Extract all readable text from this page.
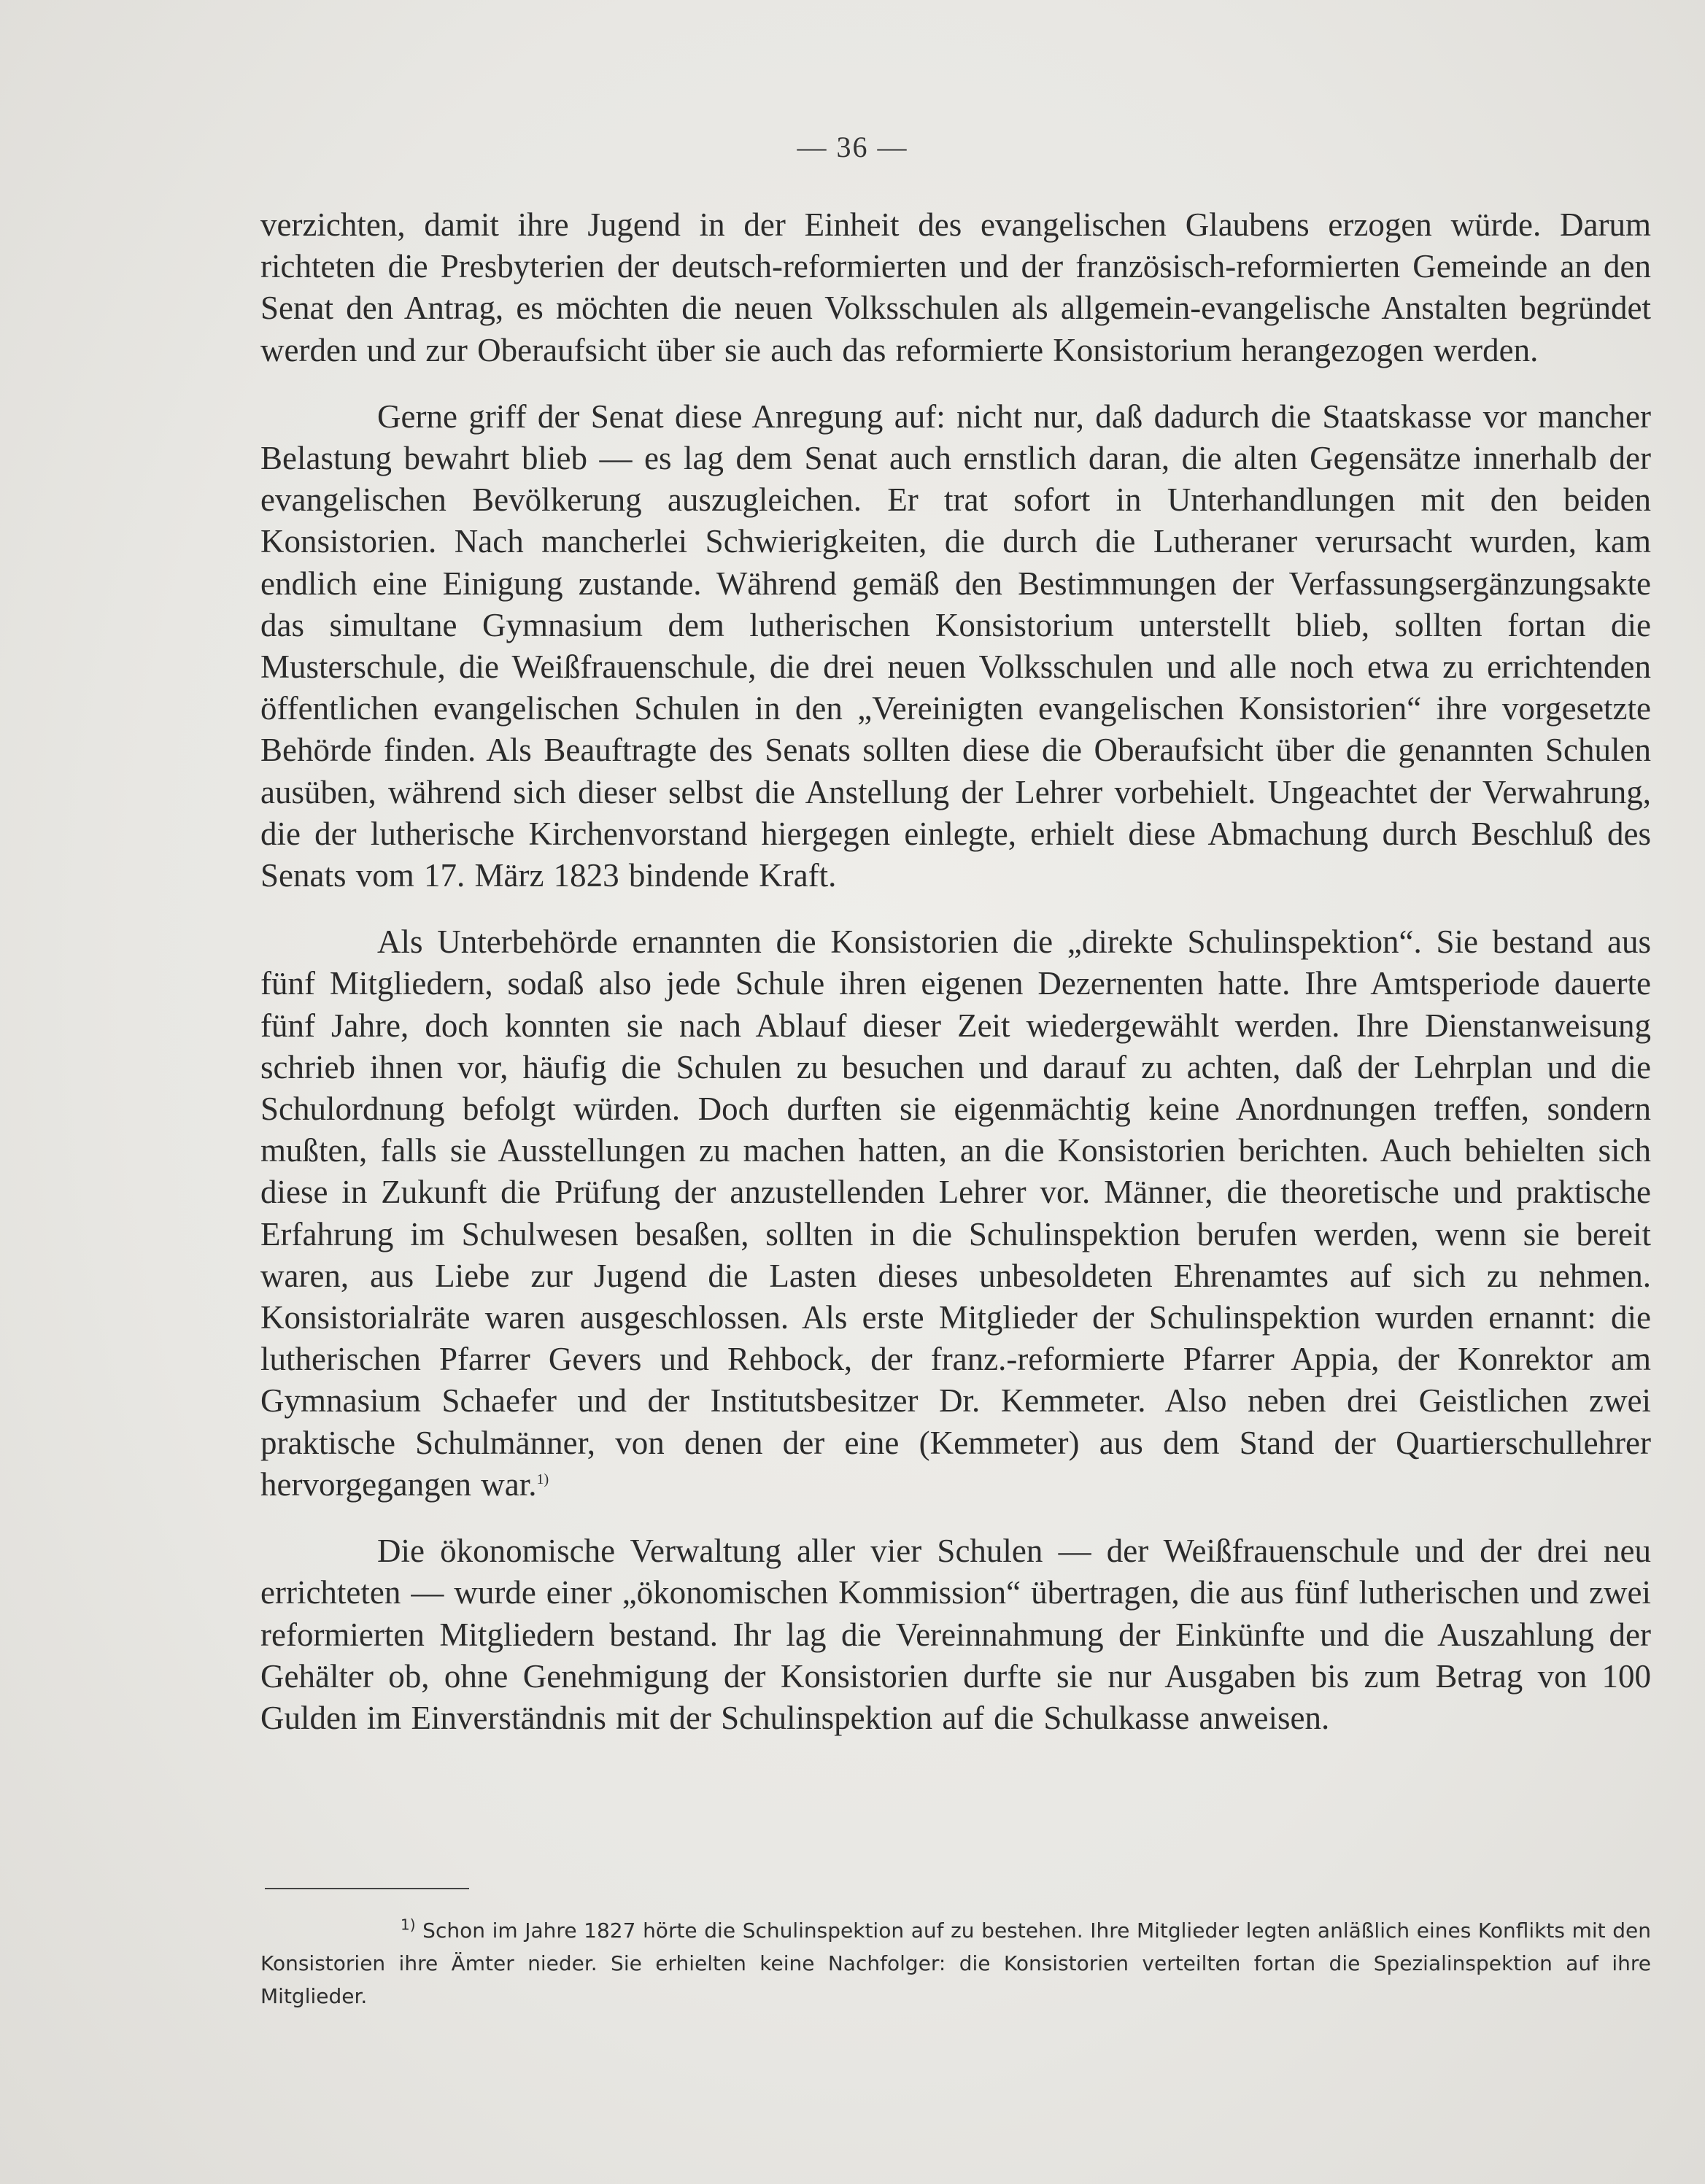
— 36 —

verzichten, damit ihre Jugend in der Einheit des evangelischen Glaubens erzogen würde. Darum richteten die Presbyterien der deutsch-reformierten und der französisch-reformierten Gemeinde an den Senat den Antrag, es möchten die neuen Volksschulen als allgemein-evangelische Anstalten begründet werden und zur Oberaufsicht über sie auch das reformierte Konsistorium herangezogen werden.

Gerne griff der Senat diese Anregung auf: nicht nur, daß dadurch die Staatskasse vor mancher Belastung bewahrt blieb — es lag dem Senat auch ernstlich daran, die alten Gegensätze innerhalb der evangelischen Bevölkerung auszugleichen. Er trat sofort in Unterhandlungen mit den beiden Konsistorien. Nach mancherlei Schwierigkeiten, die durch die Lutheraner verursacht wurden, kam endlich eine Einigung zustande. Während gemäß den Bestimmungen der Verfassungsergänzungsakte das simultane Gymnasium dem lutherischen Konsistorium unterstellt blieb, sollten fortan die Musterschule, die Weißfrauenschule, die drei neuen Volksschulen und alle noch etwa zu errichtenden öffentlichen evangelischen Schulen in den „Vereinigten evangelischen Konsistorien“ ihre vorgesetzte Behörde finden. Als Beauftragte des Senats sollten diese die Oberaufsicht über die genannten Schulen ausüben, während sich dieser selbst die Anstellung der Lehrer vorbehielt. Ungeachtet der Verwahrung, die der lutherische Kirchenvorstand hiergegen einlegte, erhielt diese Abmachung durch Beschluß des Senats vom 17. März 1823 bindende Kraft.

Als Unterbehörde ernannten die Konsistorien die „direkte Schulinspektion“. Sie bestand aus fünf Mitgliedern, sodaß also jede Schule ihren eigenen Dezernenten hatte. Ihre Amtsperiode dauerte fünf Jahre, doch konnten sie nach Ablauf dieser Zeit wiedergewählt werden. Ihre Dienstanweisung schrieb ihnen vor, häufig die Schulen zu besuchen und darauf zu achten, daß der Lehrplan und die Schulordnung befolgt würden. Doch durften sie eigenmächtig keine Anordnungen treffen, sondern mußten, falls sie Ausstellungen zu machen hatten, an die Konsistorien berichten. Auch behielten sich diese in Zukunft die Prüfung der anzustellenden Lehrer vor. Männer, die theoretische und praktische Erfahrung im Schulwesen besaßen, sollten in die Schulinspektion berufen werden, wenn sie bereit waren, aus Liebe zur Jugend die Lasten dieses unbesoldeten Ehrenamtes auf sich zu nehmen. Konsistorialräte waren ausgeschlossen. Als erste Mitglieder der Schulinspektion wurden ernannt: die lutherischen Pfarrer Gevers und Rehbock, der franz.-reformierte Pfarrer Appia, der Konrektor am Gymnasium Schaefer und der Institutsbesitzer Dr. Kemmeter. Also neben drei Geistlichen zwei praktische Schulmänner, von denen der eine (Kemmeter) aus dem Stand der Quartierschullehrer hervorgegangen war.$^{1)}$

Die ökonomische Verwaltung aller vier Schulen — der Weißfrauenschule und der drei neu errichteten — wurde einer „ökonomischen Kommission“ übertragen, die aus fünf lutherischen und zwei reformierten Mitgliedern bestand. Ihr lag die Vereinnahmung der Einkünfte und die Auszahlung der Gehälter ob, ohne Genehmigung der Konsistorien durfte sie nur Ausgaben bis zum Betrag von 100 Gulden im Einverständnis mit der Schulinspektion auf die Schulkasse anweisen.

$^{1)}$ Schon im Jahre 1827 hörte die Schulinspektion auf zu bestehen. Ihre Mitglieder legten anläßlich eines Konflikts mit den Konsistorien ihre Ämter nieder. Sie erhielten keine Nachfolger: die Konsistorien verteilten fortan die Spezialinspektion auf ihre Mitglieder.
